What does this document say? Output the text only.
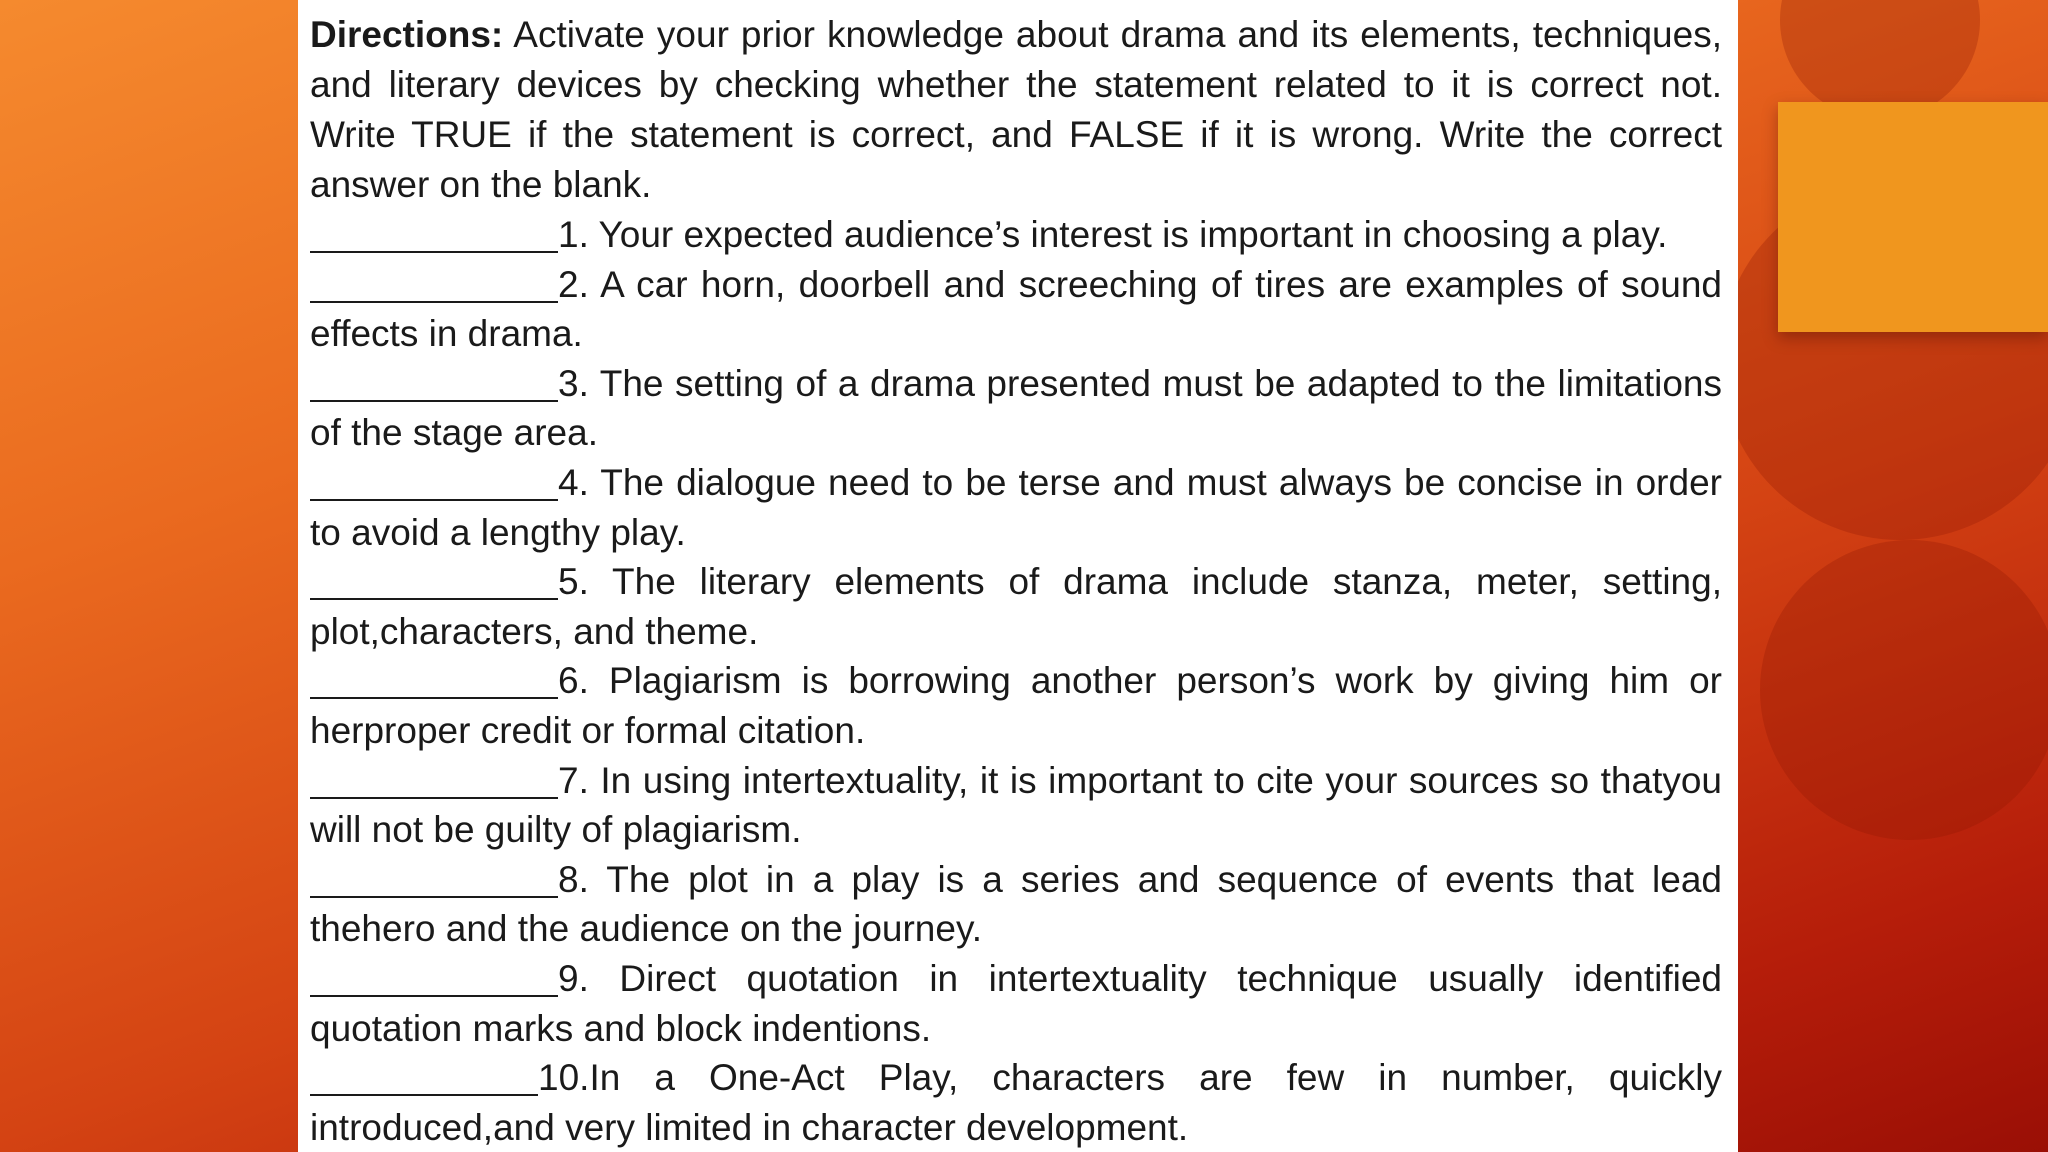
Directions: Activate your prior knowledge about drama and its elements, techniques, and literary devices by checking whether the statement related to it is correct not. Write TRUE if the statement is correct, and FALSE if it is wrong. Write the correct answer on the blank.

1. Your expected audience’s interest is important in choosing a play.

2. A car horn, doorbell and screeching of tires are examples of sound effects in drama.

3. The setting of a drama presented must be adapted to the limitations of the stage area.

4. The dialogue need to be terse and must always be concise in order to avoid a lengthy play.

5. The literary elements of drama include stanza, meter, setting, plot,characters, and theme.

6. Plagiarism is borrowing another person’s work by giving him or herproper credit or formal citation.

7. In using intertextuality, it is important to cite your sources so thatyou will not be guilty of plagiarism.

8. The plot in a play is a series and sequence of events that lead thehero and the audience on the journey.

9. Direct quotation in intertextuality technique usually identified quotation marks and block indentions.

10.In a One-Act Play, characters are few in number, quickly introduced,and very limited in character development.
